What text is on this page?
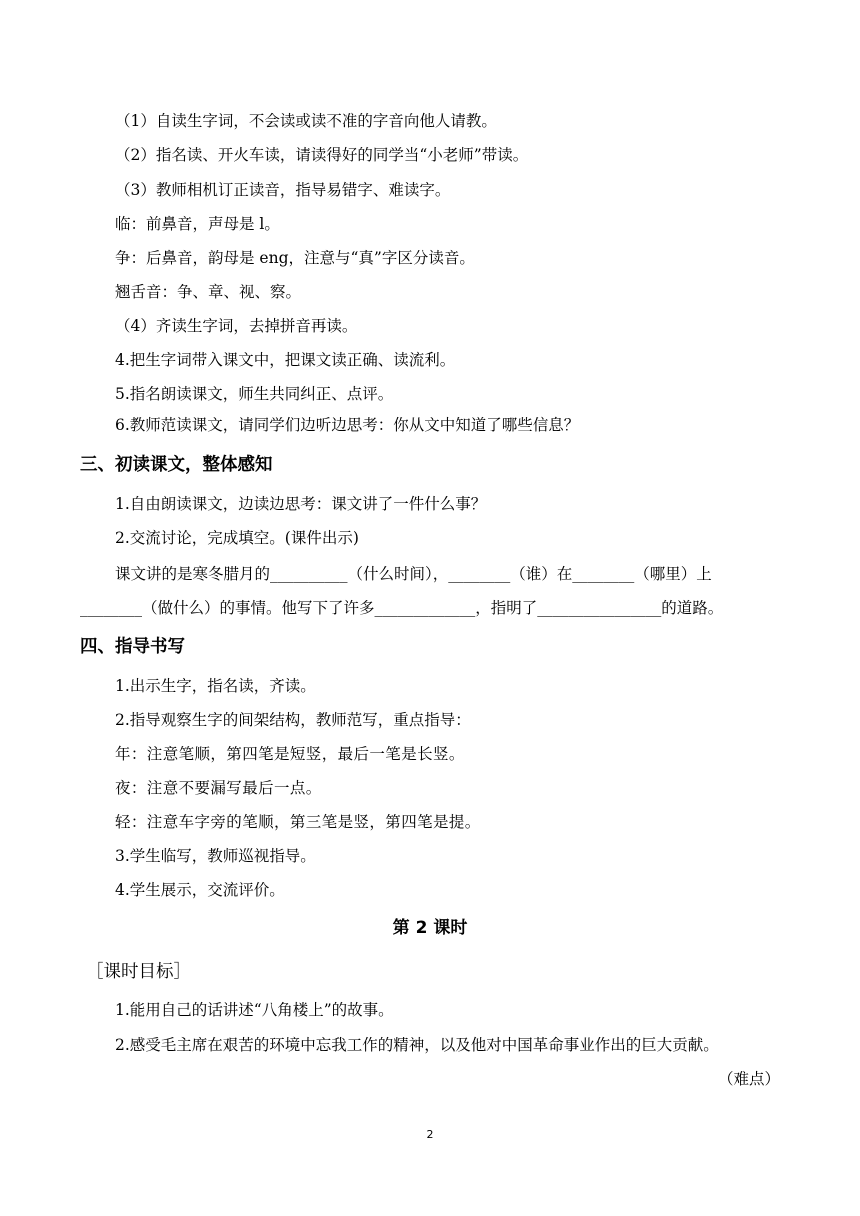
（1）自读生字词，不会读或读不准的字音向他人请教。
（2）指名读、开火车读，请读得好的同学当“小老师”带读。
（3）教师相机订正读音，指导易错字、难读字。
临：前鼻音，声母是 l。
争：后鼻音，韵母是 eng，注意与“真”字区分读音。
翘舌音：争、章、视、察。
（4）齐读生字词，去掉拼音再读。
4.把生字词带入课文中，把课文读正确、读流利。
5.指名朗读课文，师生共同纠正、点评。
6.教师范读课文，请同学们边听边思考：你从文中知道了哪些信息？
三、初读课文，整体感知
1.自由朗读课文，边读边思考：课文讲了一件什么事？
2.交流讨论，完成填空。(课件出示)
课文讲的是寒冬腊月的__________（什么时间），________（谁）在________（哪里）上
________（做什么）的事情。他写下了许多_____________，指明了________________的道路。
四、指导书写
1.出示生字，指名读，齐读。
2.指导观察生字的间架结构，教师范写，重点指导：
年：注意笔顺，第四笔是短竖，最后一笔是长竖。
夜：注意不要漏写最后一点。
轻：注意车字旁的笔顺，第三笔是竖，第四笔是提。
3.学生临写，教师巡视指导。
4.学生展示，交流评价。
第 2 课时
［课时目标］
1.能用自己的话讲述“八角楼上”的故事。
2.感受毛主席在艰苦的环境中忘我工作的精神，以及他对中国革命事业作出的巨大贡献。
（难点）
2
